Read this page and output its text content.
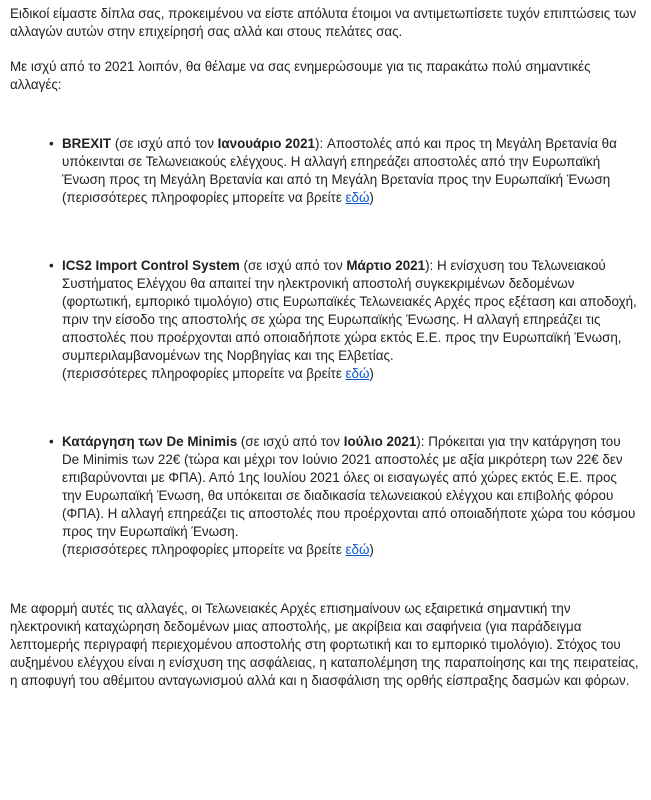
Ειδικοί είμαστε δίπλα σας, προκειμένου να είστε απόλυτα έτοιμοι να αντιμετωπίσετε τυχόν επιπτώσεις των αλλαγών αυτών στην επιχείρησή σας αλλά και στους πελάτες σας.

Με ισχύ από το 2021 λοιπόν, θα θέλαμε να σας ενημερώσουμε για τις παρακάτω πολύ σημαντικές αλλαγές:

• BREXIT (σε ισχύ από τον Ιανουάριο 2021): Αποστολές από και προς τη Μεγάλη Βρετανία θα υπόκεινται σε Τελωνειακούς ελέγχους. Η αλλαγή επηρεάζει αποστολές από την Ευρωπαϊκή Ένωση προς τη Μεγάλη Βρετανία και από τη Μεγάλη Βρετανία προς την Ευρωπαϊκή Ένωση
(περισσότερες πληροφορίες μπορείτε να βρείτε εδώ)
• ICS2 Import Control System (σε ισχύ από τον Μάρτιο 2021): Η ενίσχυση του Τελωνειακού Συστήματος Ελέγχου θα απαιτεί την ηλεκτρονική αποστολή συγκεκριμένων δεδομένων (φορτωτική, εμπορικό τιμολόγιο) στις Ευρωπαϊκές Τελωνειακές Αρχές προς εξέταση και αποδοχή, πριν την είσοδο της αποστολής σε χώρα της Ευρωπαϊκής Ένωσης. Η αλλαγή επηρεάζει τις αποστολές που προέρχονται από οποιαδήποτε χώρα εκτός Ε.Ε. προς την Ευρωπαϊκή Ένωση, συμπεριλαμβανομένων της Νορβηγίας και της Ελβετίας.
(περισσότερες πληροφορίες μπορείτε να βρείτε εδώ)
• Κατάργηση των De Minimis (σε ισχύ από τον Ιούλιο 2021): Πρόκειται για την κατάργηση του De Minimis των 22€ (τώρα και μέχρι τον Ιούνιο 2021 αποστολές με αξία μικρότερη των 22€ δεν επιβαρύνονται με ΦΠΑ). Από 1ης Ιουλίου 2021 όλες οι εισαγωγές από χώρες εκτός Ε.Ε. προς την Ευρωπαϊκή Ένωση, θα υπόκειται σε διαδικασία τελωνειακού ελέγχου και επιβολής φόρου (ΦΠΑ). Η αλλαγή επηρεάζει τις αποστολές που προέρχονται από οποιαδήποτε χώρα του κόσμου προς την Ευρωπαϊκή Ένωση.
(περισσότερες πληροφορίες μπορείτε να βρείτε εδώ)

Με αφορμή αυτές τις αλλαγές, οι Τελωνειακές Αρχές επισημαίνουν ως εξαιρετικά σημαντική την ηλεκτρονική καταχώρηση δεδομένων μιας αποστολής, με ακρίβεια και σαφήνεια (για παράδειγμα λεπτομερής περιγραφή περιεχομένου αποστολής στη φορτωτική και το εμπορικό τιμολόγιο). Στόχος του αυξημένου ελέγχου είναι η ενίσχυση της ασφάλειας, η καταπολέμηση της παραποίησης και της πειρατείας, η αποφυγή του αθέμιτου ανταγωνισμού αλλά και η διασφάλιση της ορθής είσπραξης δασμών και φόρων.
